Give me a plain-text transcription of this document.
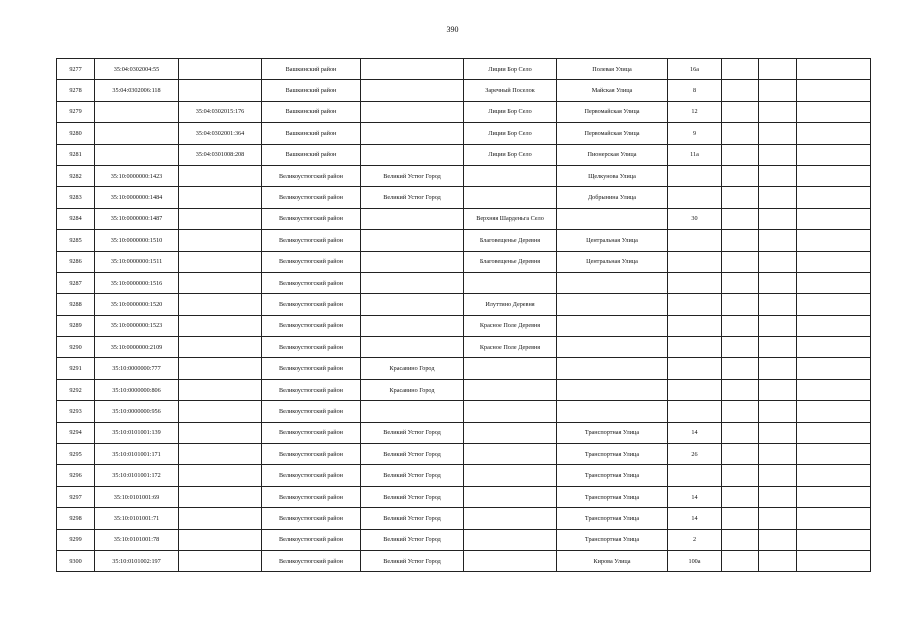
390
9277	35:04:0302004:55		Вашкинский район		Лиции Бор Село	Полевая Улица	16а			
9278	35:04:0302006:118		Вашкинский район		Заречный Поселок	Майская Улица	8			
9279		35:04:0302015:176	Вашкинский район		Лиции Бор Село	Первомайская Улица	12			
9280		35:04:0302001:364	Вашкинский район		Лиции Бор Село	Первомайская Улица	9			
9281		35:04:0301008:208	Вашкинский район		Лиции Бор Село	Пионерская Улица	11а			
9282	35:10:0000000:1423		Великоустюгский район	Великий Устюг Город		Щелкунова Улица				
9283	35:10:0000000:1484		Великоустюгский район	Великий Устюг Город		Добрынина Улица				
9284	35:10:0000000:1487		Великоустюгский район		Верхняя Шарденьга Село		30			
9285	35:10:0000000:1510		Великоустюгский район		Благовещенье Деревня	Центральная Улица				
9286	35:10:0000000:1511		Великоустюгский район		Благовещенье Деревня	Центральная Улица				
9287	35:10:0000000:1516		Великоустюгский район							
9288	35:10:0000000:1520		Великоустюгский район		Илуттино Деревня					
9289	35:10:0000000:1523		Великоустюгский район		Красное Поле Деревня					
9290	35:10:0000000:2109		Великоустюгский район		Красное Поле Деревня					
9291	35:10:0000000:777		Великоустюгский район	Красавино Город						
9292	35:10:0000000:806		Великоустюгский район	Красавино Город						
9293	35:10:0000000:956		Великоустюгский район							
9294	35:10:0101001:139		Великоустюгский район	Великий Устюг Город		Транспортная Улица	14			
9295	35:10:0101001:171		Великоустюгский район	Великий Устюг Город		Транспортная Улица	26			
9296	35:10:0101001:172		Великоустюгский район	Великий Устюг Город		Транспортная Улица				
9297	35:10:0101001:69		Великоустюгский район	Великий Устюг Город		Транспортная Улица	14			
9298	35:10:0101001:71		Великоустюгский район	Великий Устюг Город		Транспортная Улица	14			
9299	35:10:0101001:78		Великоустюгский район	Великий Устюг Город		Транспортная Улица	2			
9300	35:10:0101002:197		Великоустюгский район	Великий Устюг Город		Кирова Улица	100а			
